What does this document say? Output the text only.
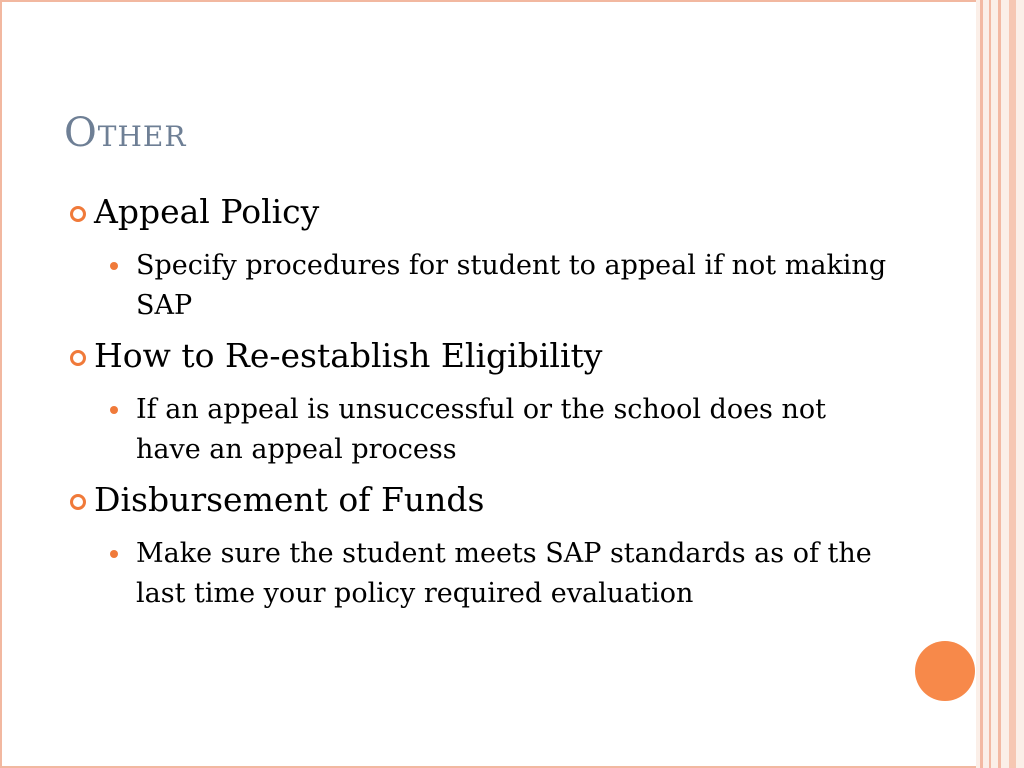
Other
Appeal Policy
Specify procedures for student to appeal if not making SAP
How to Re-establish Eligibility
If an appeal is unsuccessful or the school does not have an appeal process
Disbursement of Funds
Make sure the student meets SAP standards as of the last time your policy required evaluation
